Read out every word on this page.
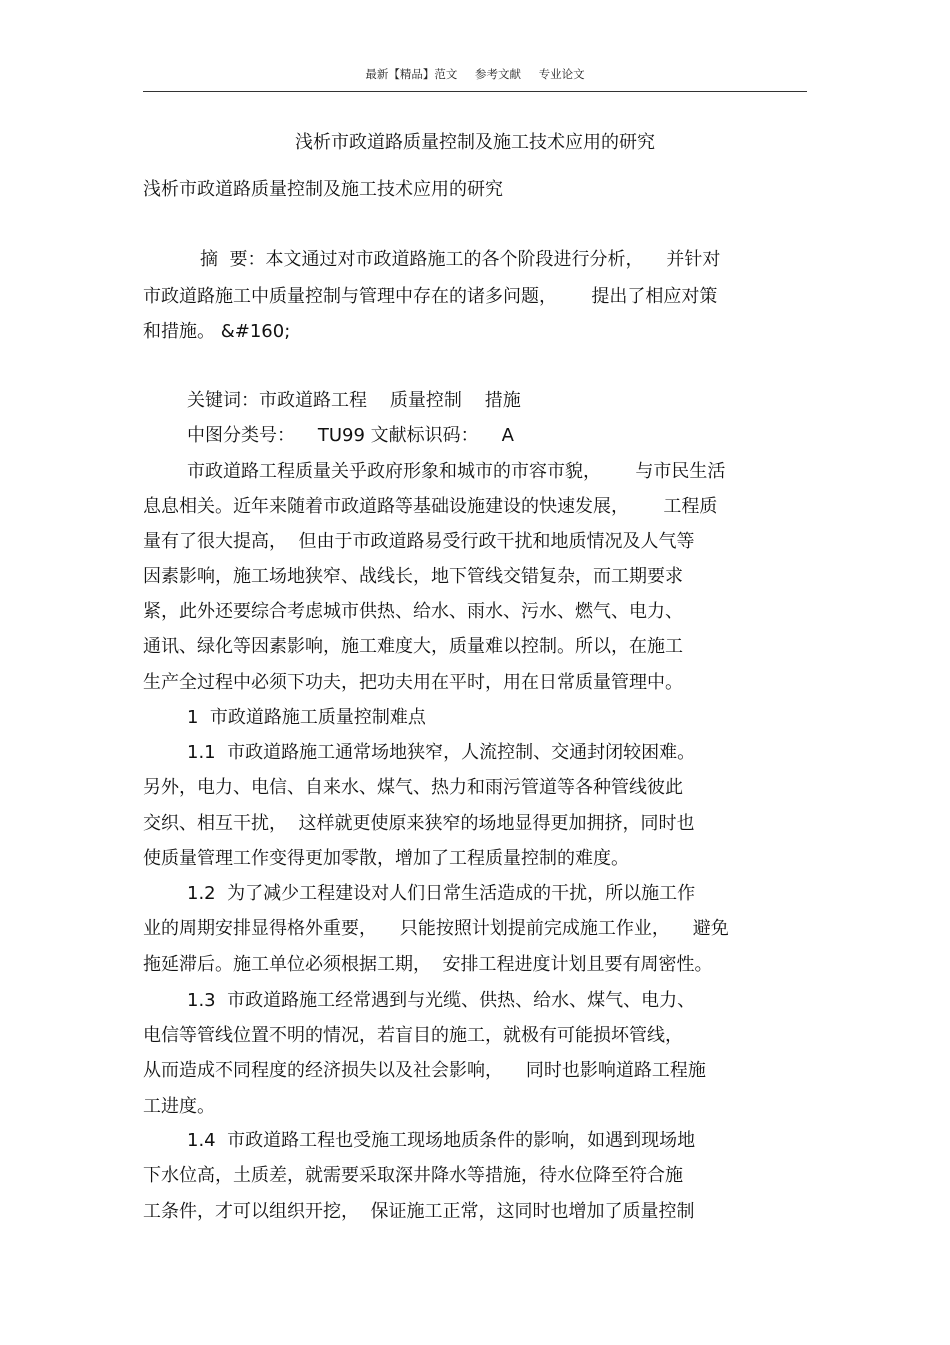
最新【精品】范文 参考文献 专业论文
浅析市政道路质量控制及施工技术应用的研究
浅析市政道路质量控制及施工技术应用的研究
摘  要：本文通过对市政道路施工的各个阶段进行分析，    并针对
市政道路施工中质量控制与管理中存在的诸多问题，      提出了相应对策
和措施。 &#160;
关键词：市政道路工程    质量控制    措施
中图分类号：    TU99 文献标识码：    A
市政道路工程质量关乎政府形象和城市的市容市貌，      与市民生活
息息相关。近年来随着市政道路等基础设施建设的快速发展，      工程质
量有了很大提高，  但由于市政道路易受行政干扰和地质情况及人气等
因素影响，施工场地狭窄、战线长，地下管线交错复杂，而工期要求
紧，此外还要综合考虑城市供热、给水、雨水、污水、燃气、电力、
通讯、绿化等因素影响，施工难度大，质量难以控制。所以，在施工
生产全过程中必须下功夫，把功夫用在平时，用在日常质量管理中。
1  市政道路施工质量控制难点
1.1  市政道路施工通常场地狭窄，人流控制、交通封闭较困难。
另外，电力、电信、自来水、煤气、热力和雨污管道等各种管线彼此
交织、相互干扰，  这样就更使原来狭窄的场地显得更加拥挤，同时也
使质量管理工作变得更加零散，增加了工程质量控制的难度。
1.2  为了减少工程建设对人们日常生活造成的干扰，所以施工作
业的周期安排显得格外重要，    只能按照计划提前完成施工作业，    避免
拖延滞后。施工单位必须根据工期，  安排工程进度计划且要有周密性。
1.3  市政道路施工经常遇到与光缆、供热、给水、煤气、电力、
电信等管线位置不明的情况，若盲目的施工，就极有可能损坏管线，
从而造成不同程度的经济损失以及社会影响，    同时也影响道路工程施
工进度。
1.4  市政道路工程也受施工现场地质条件的影响，如遇到现场地
下水位高，土质差，就需要采取深井降水等措施，待水位降至符合施
工条件，才可以组织开挖，  保证施工正常，这同时也增加了质量控制
